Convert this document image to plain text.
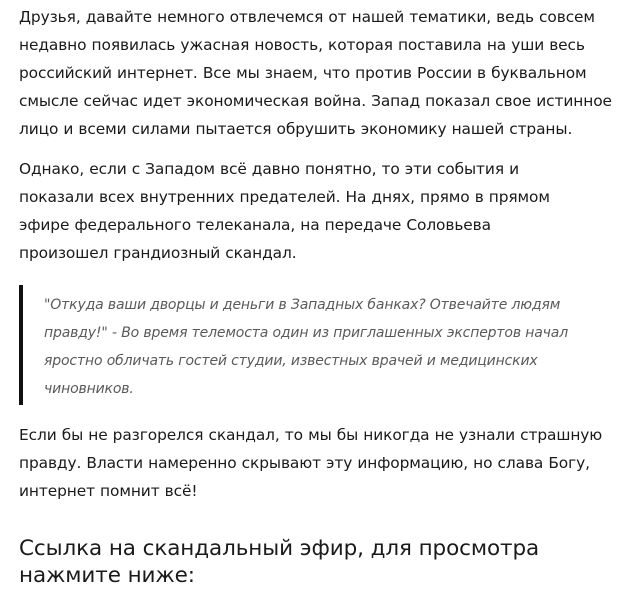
Друзья, давайте немного отвлечемся от нашей тематики, ведь совсем недавно появилась ужасная новость, которая поставила на уши весь российский интернет. Все мы знаем, что против России в буквальном смысле сейчас идет экономическая война. Запад показал свое истинное лицо и всеми силами пытается обрушить экономику нашей страны.

Однако, если с Западом всё давно понятно, то эти события и показали всех внутренних предателей. На днях, прямо в прямом эфире федерального телеканала, на передаче Соловьева произошел грандиозный скандал.

"Откуда ваши дворцы и деньги в Западных банках? Отвечайте людям правду!" - Во время телемоста один из приглашенных экспертов начал яростно обличать гостей студии, известных врачей и медицинских чиновников.

Если бы не разгорелся скандал, то мы бы никогда не узнали страшную правду. Власти намеренно скрывают эту информацию, но слава Богу, интернет помнит всё!

Ссылка на скандальный эфир, для просмотра нажмите ниже:
